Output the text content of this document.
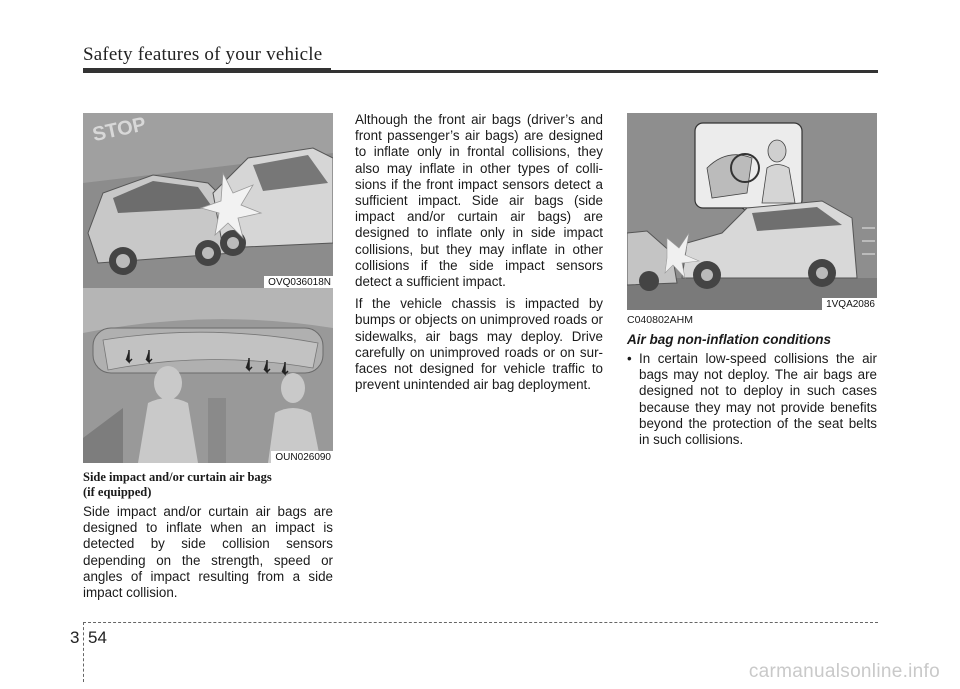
Safety features of your vehicle
STOP
OVQ036018N
OUN026090
Side impact and/or curtain air bags
(if equipped)
Side impact and/or curtain air bags are designed to inflate when an impact is detected by side collision sensors depending on the strength, speed or angles of impact resulting from a side impact collision.

Although the front air bags (driver’s and front passenger’s air bags) are designed to inflate only in frontal collisions, they also may inflate in other types of colli-sions if the front impact sensors detect a sufficient impact. Side air bags (side impact and/or curtain air bags) are designed to inflate only in side impact collisions, but they may inflate in other collisions if the side impact sensors detect a sufficient impact.

If the vehicle chassis is impacted by bumps or objects on unimproved roads or sidewalks, air bags may deploy. Drive carefully on unimproved roads or on sur-faces not designed for vehicle traffic to prevent unintended air bag deployment.

1VQA2086
C040802AHM
Air bag non-inflation conditions
• In certain low-speed collisions the air bags may not deploy. The air bags are designed not to deploy in such cases because they may not provide benefits beyond the protection of the seat belts in such collisions.
3 54
carmanualsonline.info
